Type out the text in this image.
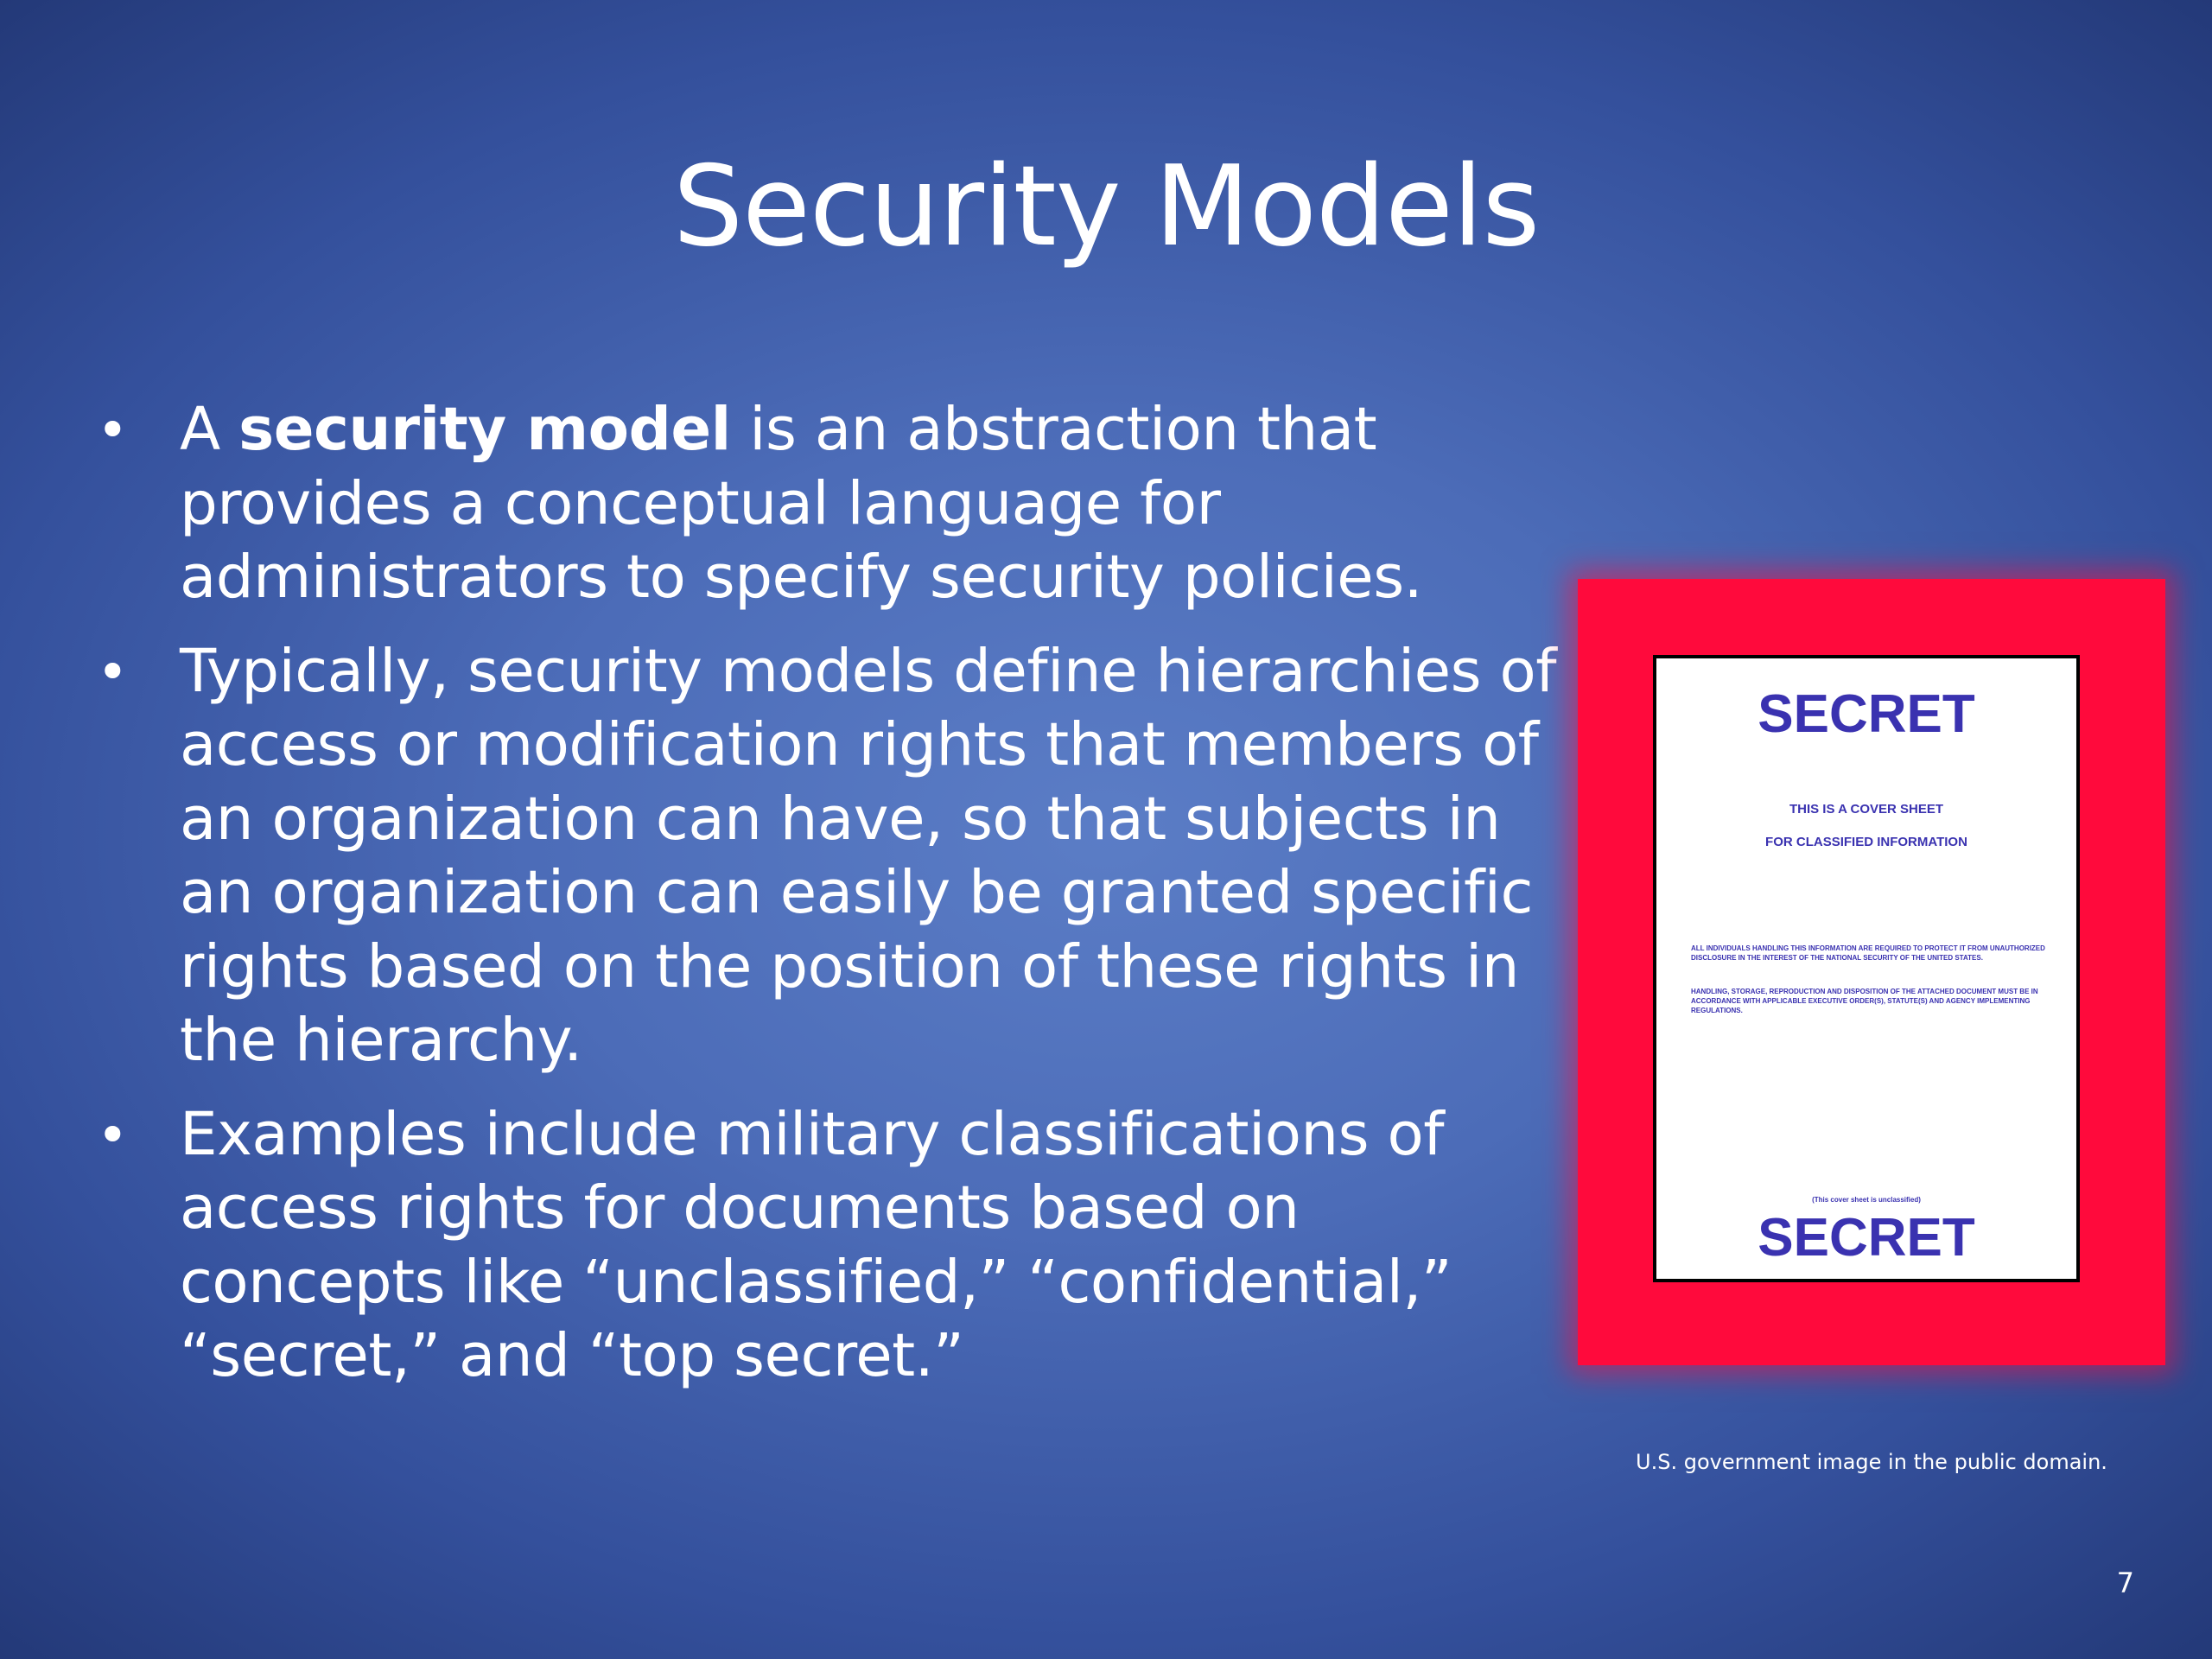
Security Models
• A security model is an abstraction that provides a conceptual language for administrators to specify security policies.
• Typically, security models define hierarchies of access or modification rights that members of an organization can have, so that subjects in an organization can easily be granted specific rights based on the position of these rights in the hierarchy.
• Examples include military classifications of access rights for documents based on concepts like “unclassified,” “confidential,” “secret,” and “top secret.”
SECRET
THIS IS A COVER SHEET
FOR CLASSIFIED INFORMATION
ALL INDIVIDUALS HANDLING THIS INFORMATION ARE REQUIRED TO PROTECT IT FROM UNAUTHORIZED DISCLOSURE IN THE INTEREST OF THE NATIONAL SECURITY OF THE UNITED STATES.
HANDLING, STORAGE, REPRODUCTION AND DISPOSITION OF THE ATTACHED DOCUMENT MUST BE IN ACCORDANCE WITH APPLICABLE EXECUTIVE ORDER(S), STATUTE(S) AND AGENCY IMPLEMENTING REGULATIONS.
(This cover sheet is unclassified)
SECRET
U.S. government image in the public domain.
7
